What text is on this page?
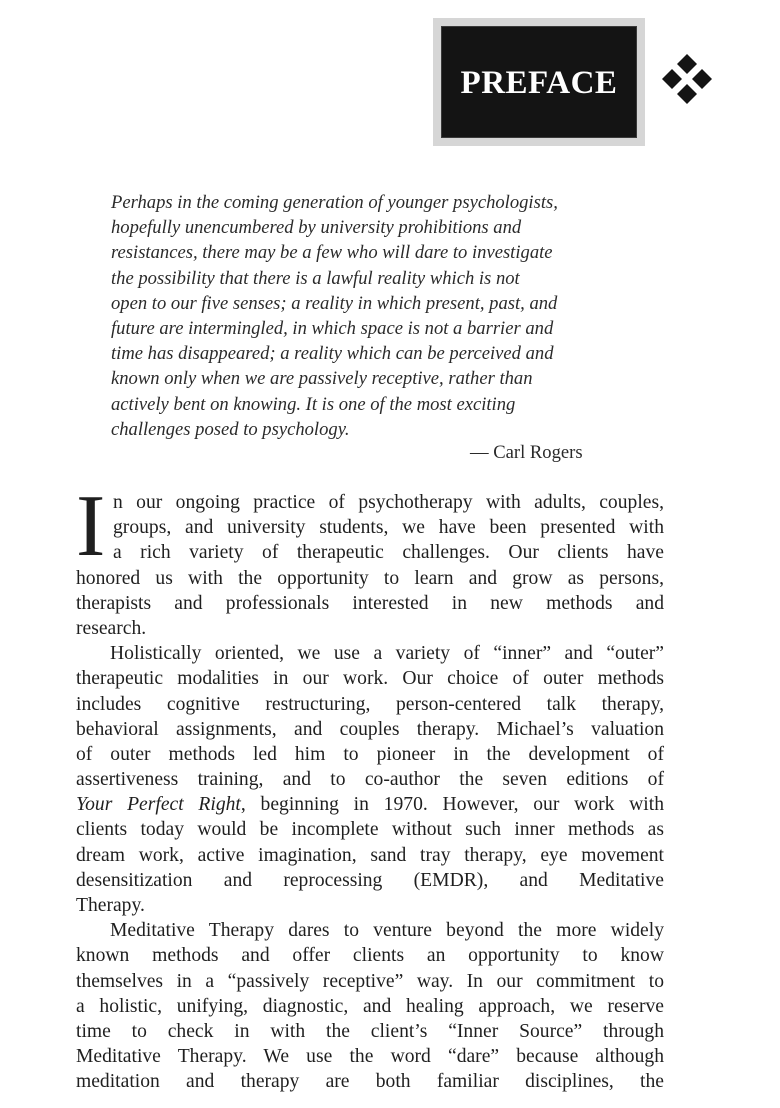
PREFACE
Perhaps in the coming generation of younger psychologists,
hopefully unencumbered by university prohibitions and
resistances, there may be a few who will dare to investigate
the possibility that there is a lawful reality which is not
open to our five senses; a reality in which present, past, and
future are intermingled, in which space is not a barrier and
time has disappeared; a reality which can be perceived and
known only when we are passively receptive, rather than
actively bent on knowing. It is one of the most exciting
challenges posed to psychology.
— Carl Rogers
I n our ongoing practice of psychotherapy with adults, couples,
groups, and university students, we have been presented with
a rich variety of therapeutic challenges. Our clients have
honored us with the opportunity to learn and grow as persons,
therapists and professionals interested in new methods and
research.
Holistically oriented, we use a variety of “inner” and “outer”
therapeutic modalities in our work. Our choice of outer methods
includes cognitive restructuring, person-centered talk therapy,
behavioral assignments, and couples therapy. Michael’s valuation
of outer methods led him to pioneer in the development of
assertiveness training, and to co-author the seven editions of
Your Perfect Right, beginning in 1970. However, our work with
clients today would be incomplete without such inner methods as
dream work, active imagination, sand tray therapy, eye movement
desensitization and reprocessing (EMDR), and Meditative
Therapy.
Meditative Therapy dares to venture beyond the more widely
known methods and offer clients an opportunity to know
themselves in a “passively receptive” way. In our commitment to
a holistic, unifying, diagnostic, and healing approach, we reserve
time to check in with the client’s “Inner Source” through
Meditative Therapy. We use the word “dare” because although
meditation and therapy are both familiar disciplines, the
